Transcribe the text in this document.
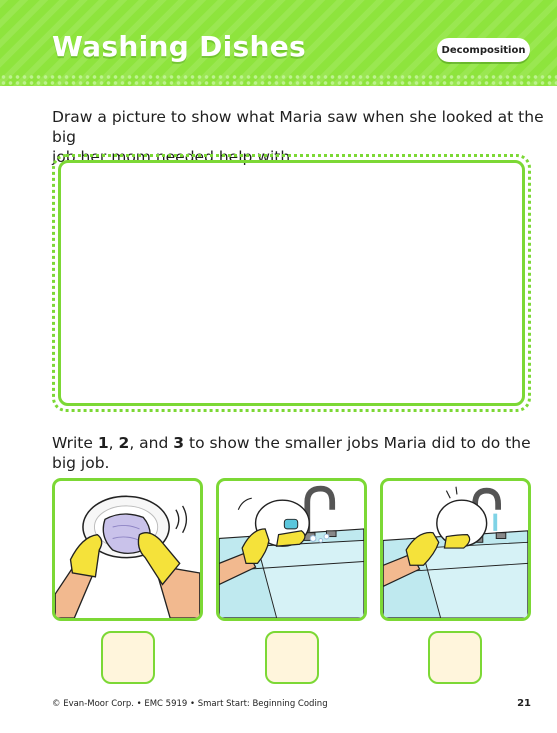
Washing Dishes	Decomposition

Draw a picture to show what Maria saw when she looked at the big

job her mom needed help with.

Write 1, 2, and 3 to show the smaller jobs Maria did to do the

big job.

© Evan-Moor Corp. • EMC 5919 • Smart Start: Beginning Coding	21
